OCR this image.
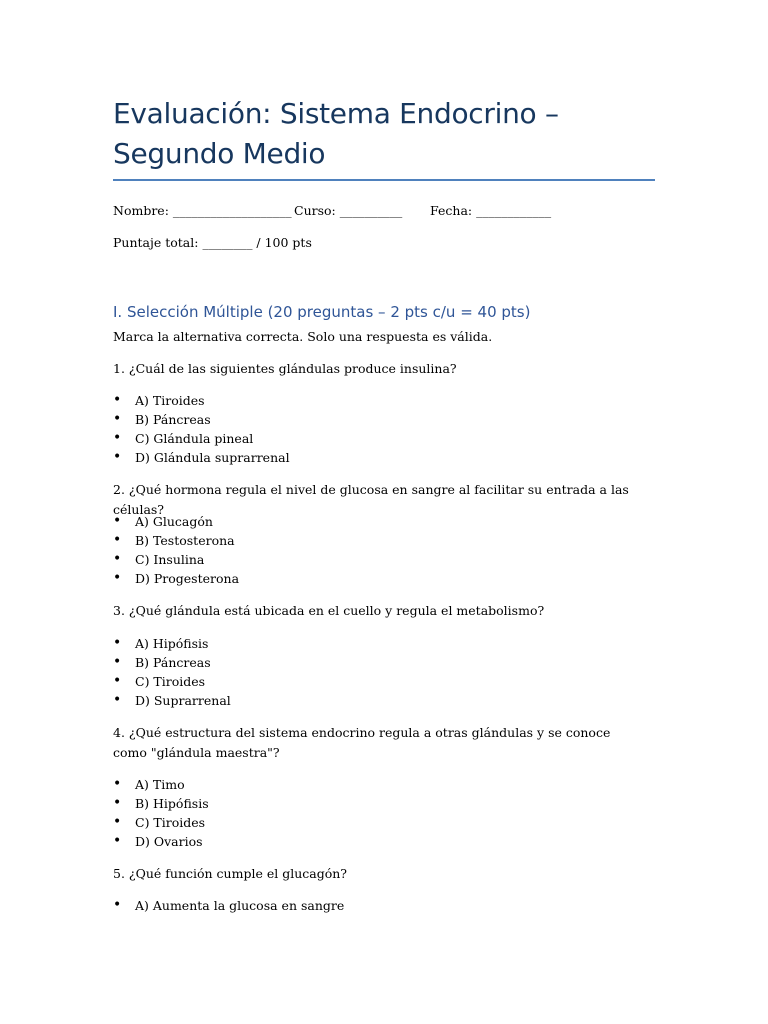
Evaluación: Sistema Endocrino –
Segundo Medio
Nombre: ___________________ Curso: __________ Fecha: ____________
Puntaje total: ________ / 100 pts
I. Selección Múltiple (20 preguntas – 2 pts c/u = 40 pts)
Marca la alternativa correcta. Solo una respuesta es válida.
1. ¿Cuál de las siguientes glándulas produce insulina?
• A) Tiroides
• B) Páncreas
• C) Glándula pineal
• D) Glándula suprarrenal
2. ¿Qué hormona regula el nivel de glucosa en sangre al facilitar su entrada a las células?
• A) Glucagón
• B) Testosterona
• C) Insulina
• D) Progesterona
3. ¿Qué glándula está ubicada en el cuello y regula el metabolismo?
• A) Hipófisis
• B) Páncreas
• C) Tiroides
• D) Suprarrenal
4. ¿Qué estructura del sistema endocrino regula a otras glándulas y se conoce como "glándula maestra"?
• A) Timo
• B) Hipófisis
• C) Tiroides
• D) Ovarios
5. ¿Qué función cumple el glucagón?
• A) Aumenta la glucosa en sangre
